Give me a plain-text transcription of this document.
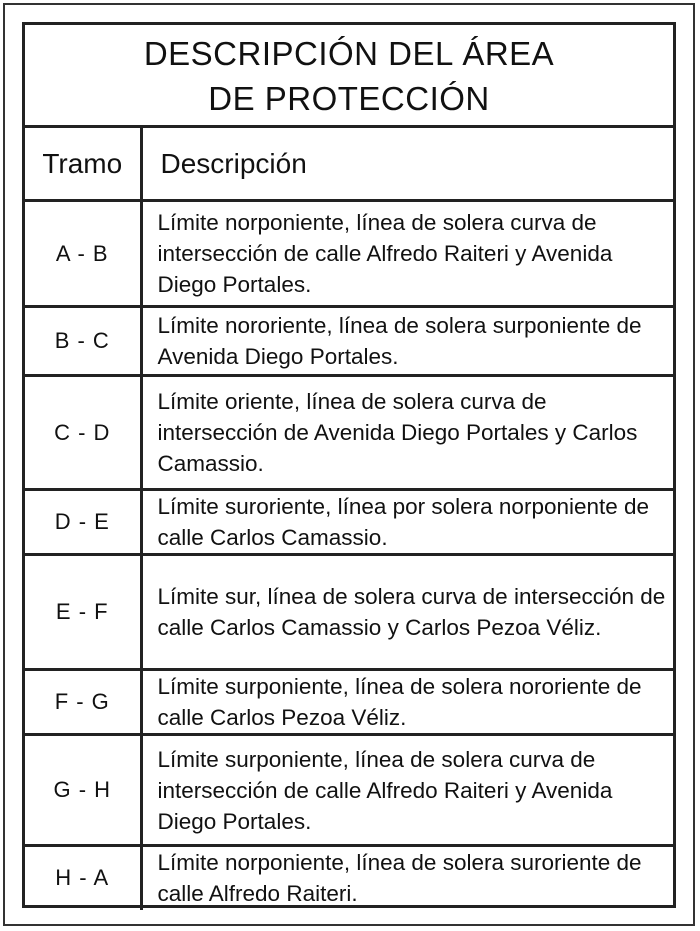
DESCRIPCIÓN DEL ÁREA
DE PROTECCIÓN
Tramo	Descripción
A - B	Límite norponiente, línea de solera curva de intersección de calle Alfredo Raiteri y Avenida Diego Portales.
B - C	Límite nororiente, línea de solera surponiente de Avenida Diego Portales.
C - D	Límite oriente, línea de solera curva de intersección de Avenida Diego Portales y Carlos Camassio.
D - E	Límite suroriente, línea por solera norponiente de calle Carlos Camassio.
E - F	Límite sur, línea de solera curva de intersección de calle Carlos Camassio y Carlos Pezoa Véliz.
F - G	Límite surponiente, línea de solera nororiente de calle Carlos Pezoa Véliz.
G - H	Límite surponiente, línea de solera curva de intersección de calle Alfredo Raiteri y Avenida Diego Portales.
H - A	Límite norponiente, línea de solera suroriente de calle Alfredo Raiteri.
